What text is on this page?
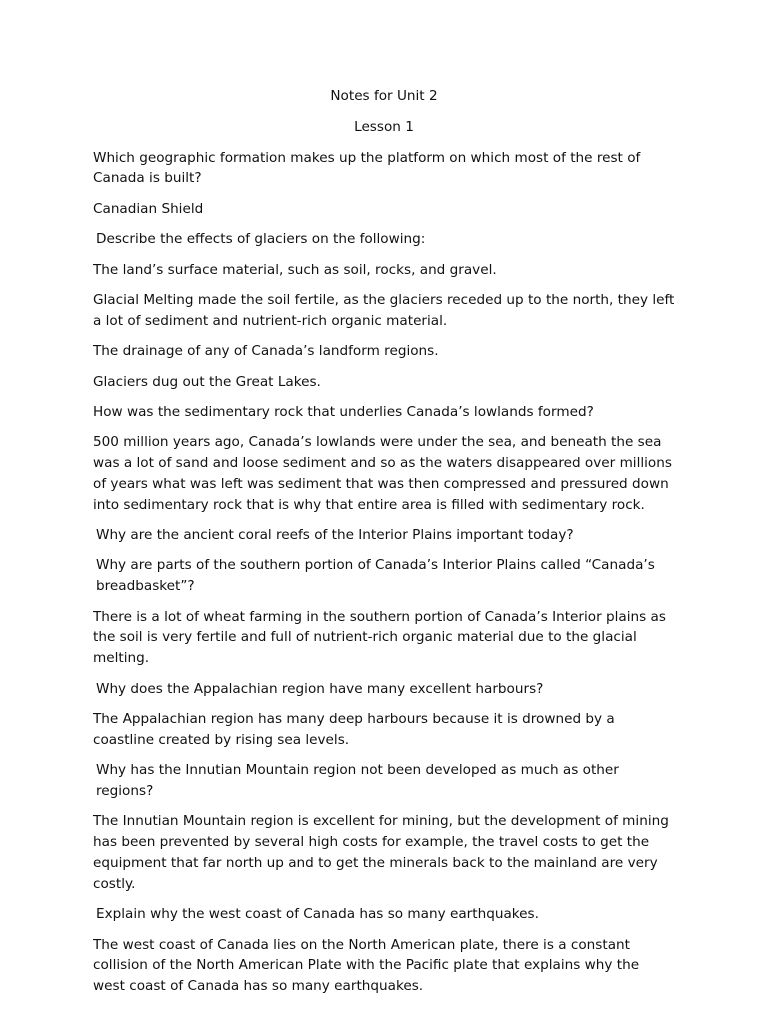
Notes for Unit 2
Lesson 1

Which geographic formation makes up the platform on which most of the rest of Canada is built?

Canadian Shield

Describe the effects of glaciers on the following:

The land’s surface material, such as soil, rocks, and gravel.

Glacial Melting made the soil fertile, as the glaciers receded up to the north, they left a lot of sediment and nutrient-rich organic material.

The drainage of any of Canada’s landform regions.

Glaciers dug out the Great Lakes.

How was the sedimentary rock that underlies Canada’s lowlands formed?

500 million years ago, Canada’s lowlands were under the sea, and beneath the sea was a lot of sand and loose sediment and so as the waters disappeared over millions of years what was left was sediment that was then compressed and pressured down into sedimentary rock that is why that entire area is filled with sedimentary rock.

Why are the ancient coral reefs of the Interior Plains important today?

Why are parts of the southern portion of Canada’s Interior Plains called “Canada’s breadbasket”?

There is a lot of wheat farming in the southern portion of Canada’s Interior plains as the soil is very fertile and full of nutrient-rich organic material due to the glacial melting.

Why does the Appalachian region have many excellent harbours?

The Appalachian region has many deep harbours because it is drowned by a coastline created by rising sea levels.

Why has the Innutian Mountain region not been developed as much as other regions?

The Innutian Mountain region is excellent for mining, but the development of mining has been prevented by several high costs for example, the travel costs to get the equipment that far north up and to get the minerals back to the mainland are very costly.

Explain why the west coast of Canada has so many earthquakes.

The west coast of Canada lies on the North American plate, there is a constant collision of the North American Plate with the Pacific plate that explains why the west coast of Canada has so many earthquakes.
